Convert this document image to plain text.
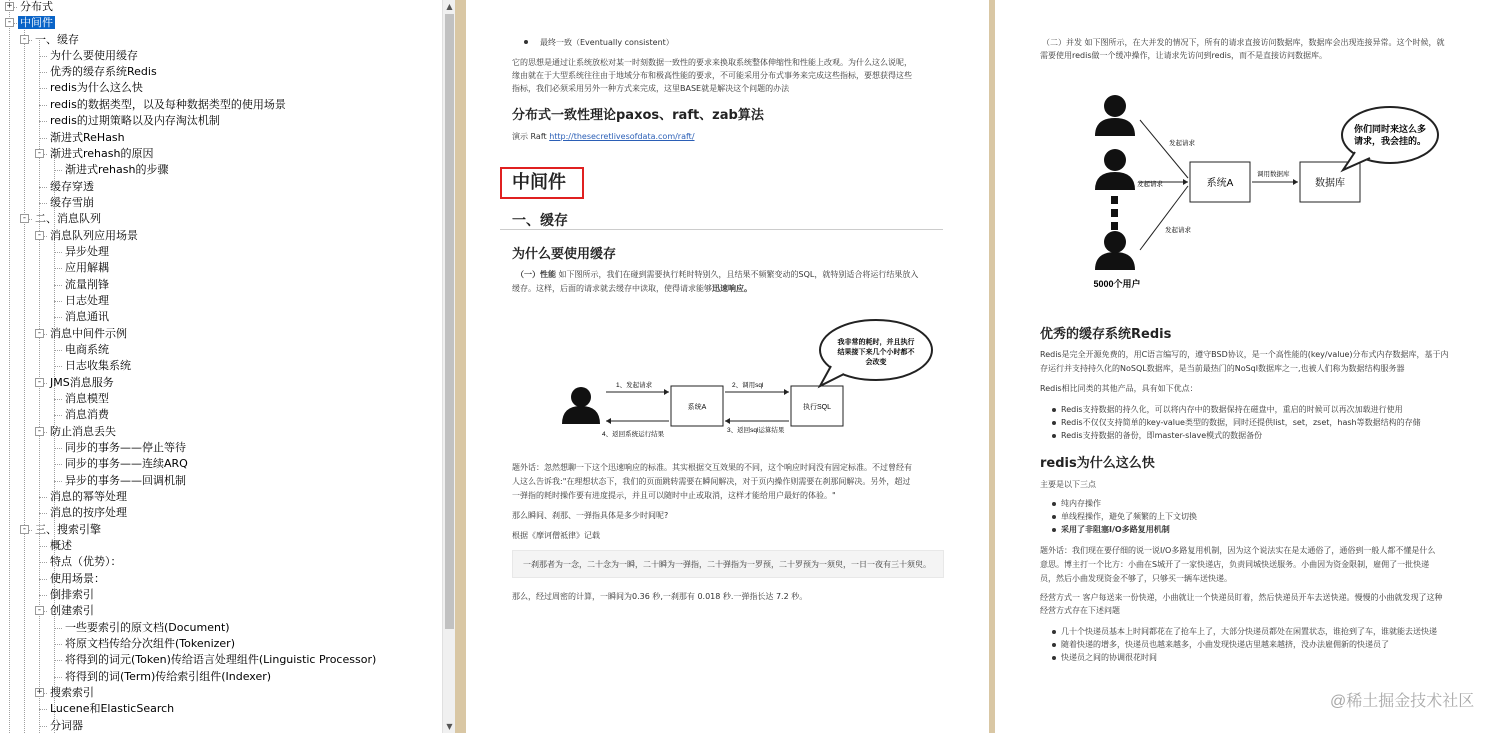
分布式
+
中间件
-
一、缓存
-
为什么要使用缓存
优秀的缓存系统Redis
redis为什么这么快
redis的数据类型，以及每种数据类型的使用场景
redis的过期策略以及内存淘汰机制
渐进式ReHash
渐进式rehash的原因
-
渐进式rehash的步骤
缓存穿透
缓存雪崩
二、消息队列
-
消息队列应用场景
-
异步处理
应用解耦
流量削锋
日志处理
消息通讯
消息中间件示例
-
电商系统
日志收集系统
JMS消息服务
-
消息模型
消息消费
防止消息丢失
-
同步的事务——停止等待
同步的事务——连续ARQ
异步的事务——回调机制
消息的幂等处理
消息的按序处理
三、搜索引擎
-
概述
特点（优势）：
使用场景：
倒排索引
创建索引
-
一些要索引的原文档(Document)
将原文档传给分次组件(Tokenizer)
将得到的词元(Token)传给语言处理组件(Linguistic Processor)
将得到的词(Term)传给索引组件(Indexer)
搜索索引
+
Lucene和ElasticSearch
分词器
▲
▼
最终一致（Eventually consistent）
它的思想是通过让系统放松对某一时刻数据一致性的要求来换取系统整体伸缩性和性能上改观。为什么这么说呢，
缘由就在于大型系统往往由于地域分布和极高性能的要求，不可能采用分布式事务来完成这些指标，要想获得这些
指标，我们必须采用另外一种方式来完成，这里BASE就是解决这个问题的办法
分布式一致性理论paxos、raft、zab算法
演示 Raft http://thesecretlivesofdata.com/raft/
中间件
一、缓存
为什么要使用缓存
（一）性能 如下图所示，我们在碰到需要执行耗时特别久，且结果不频繁变动的SQL，就特别适合将运行结果放入
缓存。这样，后面的请求就去缓存中读取，使得请求能够迅速响应。
系统A	执行SQL
1、发起请求	2、调用sql
3、返回sql运算结果
4、返回系统运行结果
我非常的耗时，并且执行
结果接下来几个小时都不
会改变
题外话：忽然想聊一下这个迅速响应的标准。其实根据交互效果的不同，这个响应时间没有固定标准。不过曾经有
人这么告诉我:"在理想状态下，我们的页面跳转需要在瞬间解决，对于页内操作则需要在刹那间解决。另外，超过
一弹指的耗时操作要有进度提示，并且可以随时中止或取消，这样才能给用户最好的体验。"
那么瞬间、刹那、一弹指具体是多少时间呢?
根据《摩诃僧祗律》记载
一刹那者为一念，二十念为一瞬，二十瞬为一弹指，二十弹指为一罗预，二十罗预为一须臾，一日一夜有三十须臾。
那么，经过周密的计算，一瞬间为0.36 秒,一刹那有 0.018 秒.一弹指长达 7.2 秒。
（二）并发 如下图所示，在大并发的情况下，所有的请求直接访问数据库，数据库会出现连接异常。这个时候，就
需要使用redis做一个缓冲操作，让请求先访问到redis，而不是直接访问数据库。
5000个用户
系统A	数据库
发起请求
发起请求
发起请求
调用数据库
你们同时来这么多
请求，我会挂的。
优秀的缓存系统Redis
Redis是完全开源免费的，用C语言编写的，遵守BSD协议，是一个高性能的(key/value)分布式内存数据库，基于内
存运行并支持持久化的NoSQL数据库，是当前最热门的NoSql数据库之一,也被人们称为数据结构服务器
Redis相比同类的其他产品，具有如下优点：
Redis支持数据的持久化，可以将内存中的数据保持在磁盘中，重启的时候可以再次加载进行使用
Redis不仅仅支持简单的key-value类型的数据，同时还提供list，set，zset，hash等数据结构的存储
Redis支持数据的备份，即master-slave模式的数据备份
redis为什么这么快
主要是以下三点
纯内存操作
单线程操作，避免了频繁的上下文切换
采用了非阻塞I/O多路复用机制
题外话：我们现在要仔细的说一说I/O多路复用机制，因为这个说法实在是太通俗了，通俗到一般人都不懂是什么
意思。博主打一个比方：小曲在S城开了一家快递店，负责同城快送服务。小曲因为资金限制，雇佣了一批快递
员，然后小曲发现资金不够了，只够买一辆车送快递。
经营方式一 客户每送来一份快递，小曲就让一个快递员盯着，然后快递员开车去送快递。慢慢的小曲就发现了这种
经营方式存在下述问题
几十个快递员基本上时间都花在了抢车上了，大部分快递员都处在闲置状态，谁抢到了车，谁就能去送快递
随着快递的增多，快递员也越来越多，小曲发现快递店里越来越挤，没办法雇佣新的快递员了
快递员之间的协调很花时间
@稀土掘金技术社区
